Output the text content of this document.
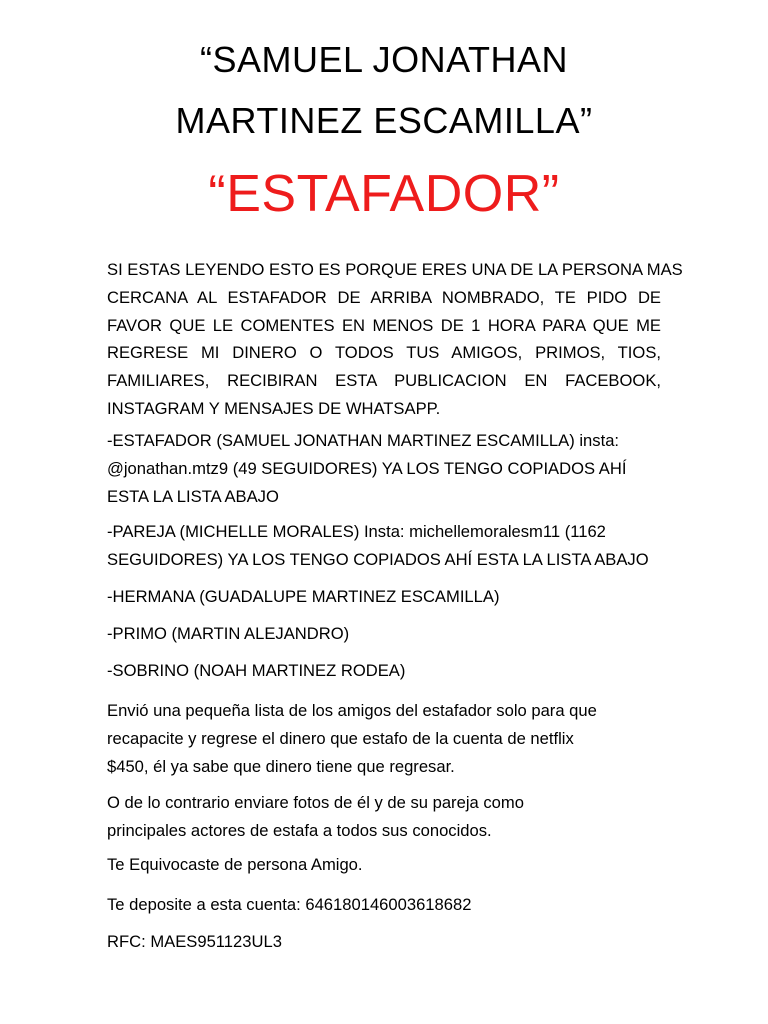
“SAMUEL JONATHAN
MARTINEZ ESCAMILLA”
“ESTAFADOR”

SI ESTAS LEYENDO ESTO ES PORQUE ERES UNA DE LA PERSONA MAS
CERCANA AL ESTAFADOR DE ARRIBA NOMBRADO, TE PIDO DE
FAVOR QUE LE COMENTES EN MENOS DE 1 HORA PARA QUE ME
REGRESE MI DINERO O TODOS TUS AMIGOS, PRIMOS, TIOS,
FAMILIARES, RECIBIRAN ESTA PUBLICACION EN FACEBOOK,
INSTAGRAM Y MENSAJES DE WHATSAPP.

-ESTAFADOR (SAMUEL JONATHAN MARTINEZ ESCAMILLA) insta:
@jonathan.mtz9 (49 SEGUIDORES) YA LOS TENGO COPIADOS AHÍ
ESTA LA LISTA ABAJO

-PAREJA (MICHELLE MORALES) Insta: michellemoralesm11 (1162
SEGUIDORES) YA LOS TENGO COPIADOS AHÍ ESTA LA LISTA ABAJO

-HERMANA (GUADALUPE MARTINEZ ESCAMILLA)

-PRIMO (MARTIN ALEJANDRO)

-SOBRINO (NOAH MARTINEZ RODEA)

Envió una pequeña lista de los amigos del estafador solo para que
recapacite y regrese el dinero que estafo de la cuenta de netflix
$450, él ya sabe que dinero tiene que regresar.

O de lo contrario enviare fotos de él y de su pareja como
principales actores de estafa a todos sus conocidos.

Te Equivocaste de persona Amigo.

Te deposite a esta cuenta: 646180146003618682

RFC: MAES951123UL3
